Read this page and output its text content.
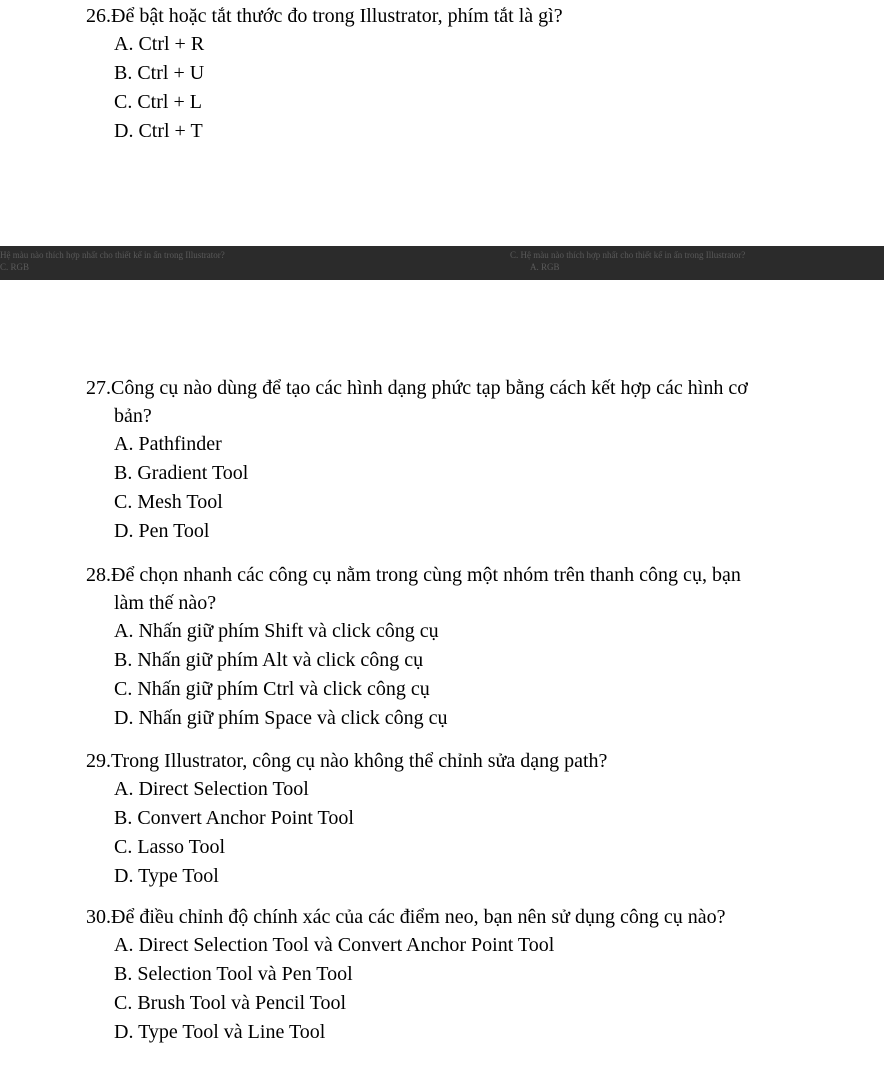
26.Để bật hoặc tắt thước đo trong Illustrator, phím tắt là gì?

A. Ctrl + R

B. Ctrl + U

C. Ctrl + L

D. Ctrl + T

Hệ màu nào thích hợp nhất cho thiết kế in ấn trong Illustrator?
C. RGB
C. Hệ màu nào thích hợp nhất cho thiết kế in ấn trong Illustrator?
A. RGB

27.Công cụ nào dùng để tạo các hình dạng phức tạp bằng cách kết hợp các hình cơ
bản?

A. Pathfinder

B. Gradient Tool

C. Mesh Tool

D. Pen Tool

28.Để chọn nhanh các công cụ nằm trong cùng một nhóm trên thanh công cụ, bạn
làm thế nào?

A. Nhấn giữ phím Shift và click công cụ

B. Nhấn giữ phím Alt và click công cụ

C. Nhấn giữ phím Ctrl và click công cụ

D. Nhấn giữ phím Space và click công cụ

29.Trong Illustrator, công cụ nào không thể chỉnh sửa dạng path?

A. Direct Selection Tool

B. Convert Anchor Point Tool

C. Lasso Tool

D. Type Tool

30.Để điều chỉnh độ chính xác của các điểm neo, bạn nên sử dụng công cụ nào?

A. Direct Selection Tool và Convert Anchor Point Tool

B. Selection Tool và Pen Tool

C. Brush Tool và Pencil Tool

D. Type Tool và Line Tool
